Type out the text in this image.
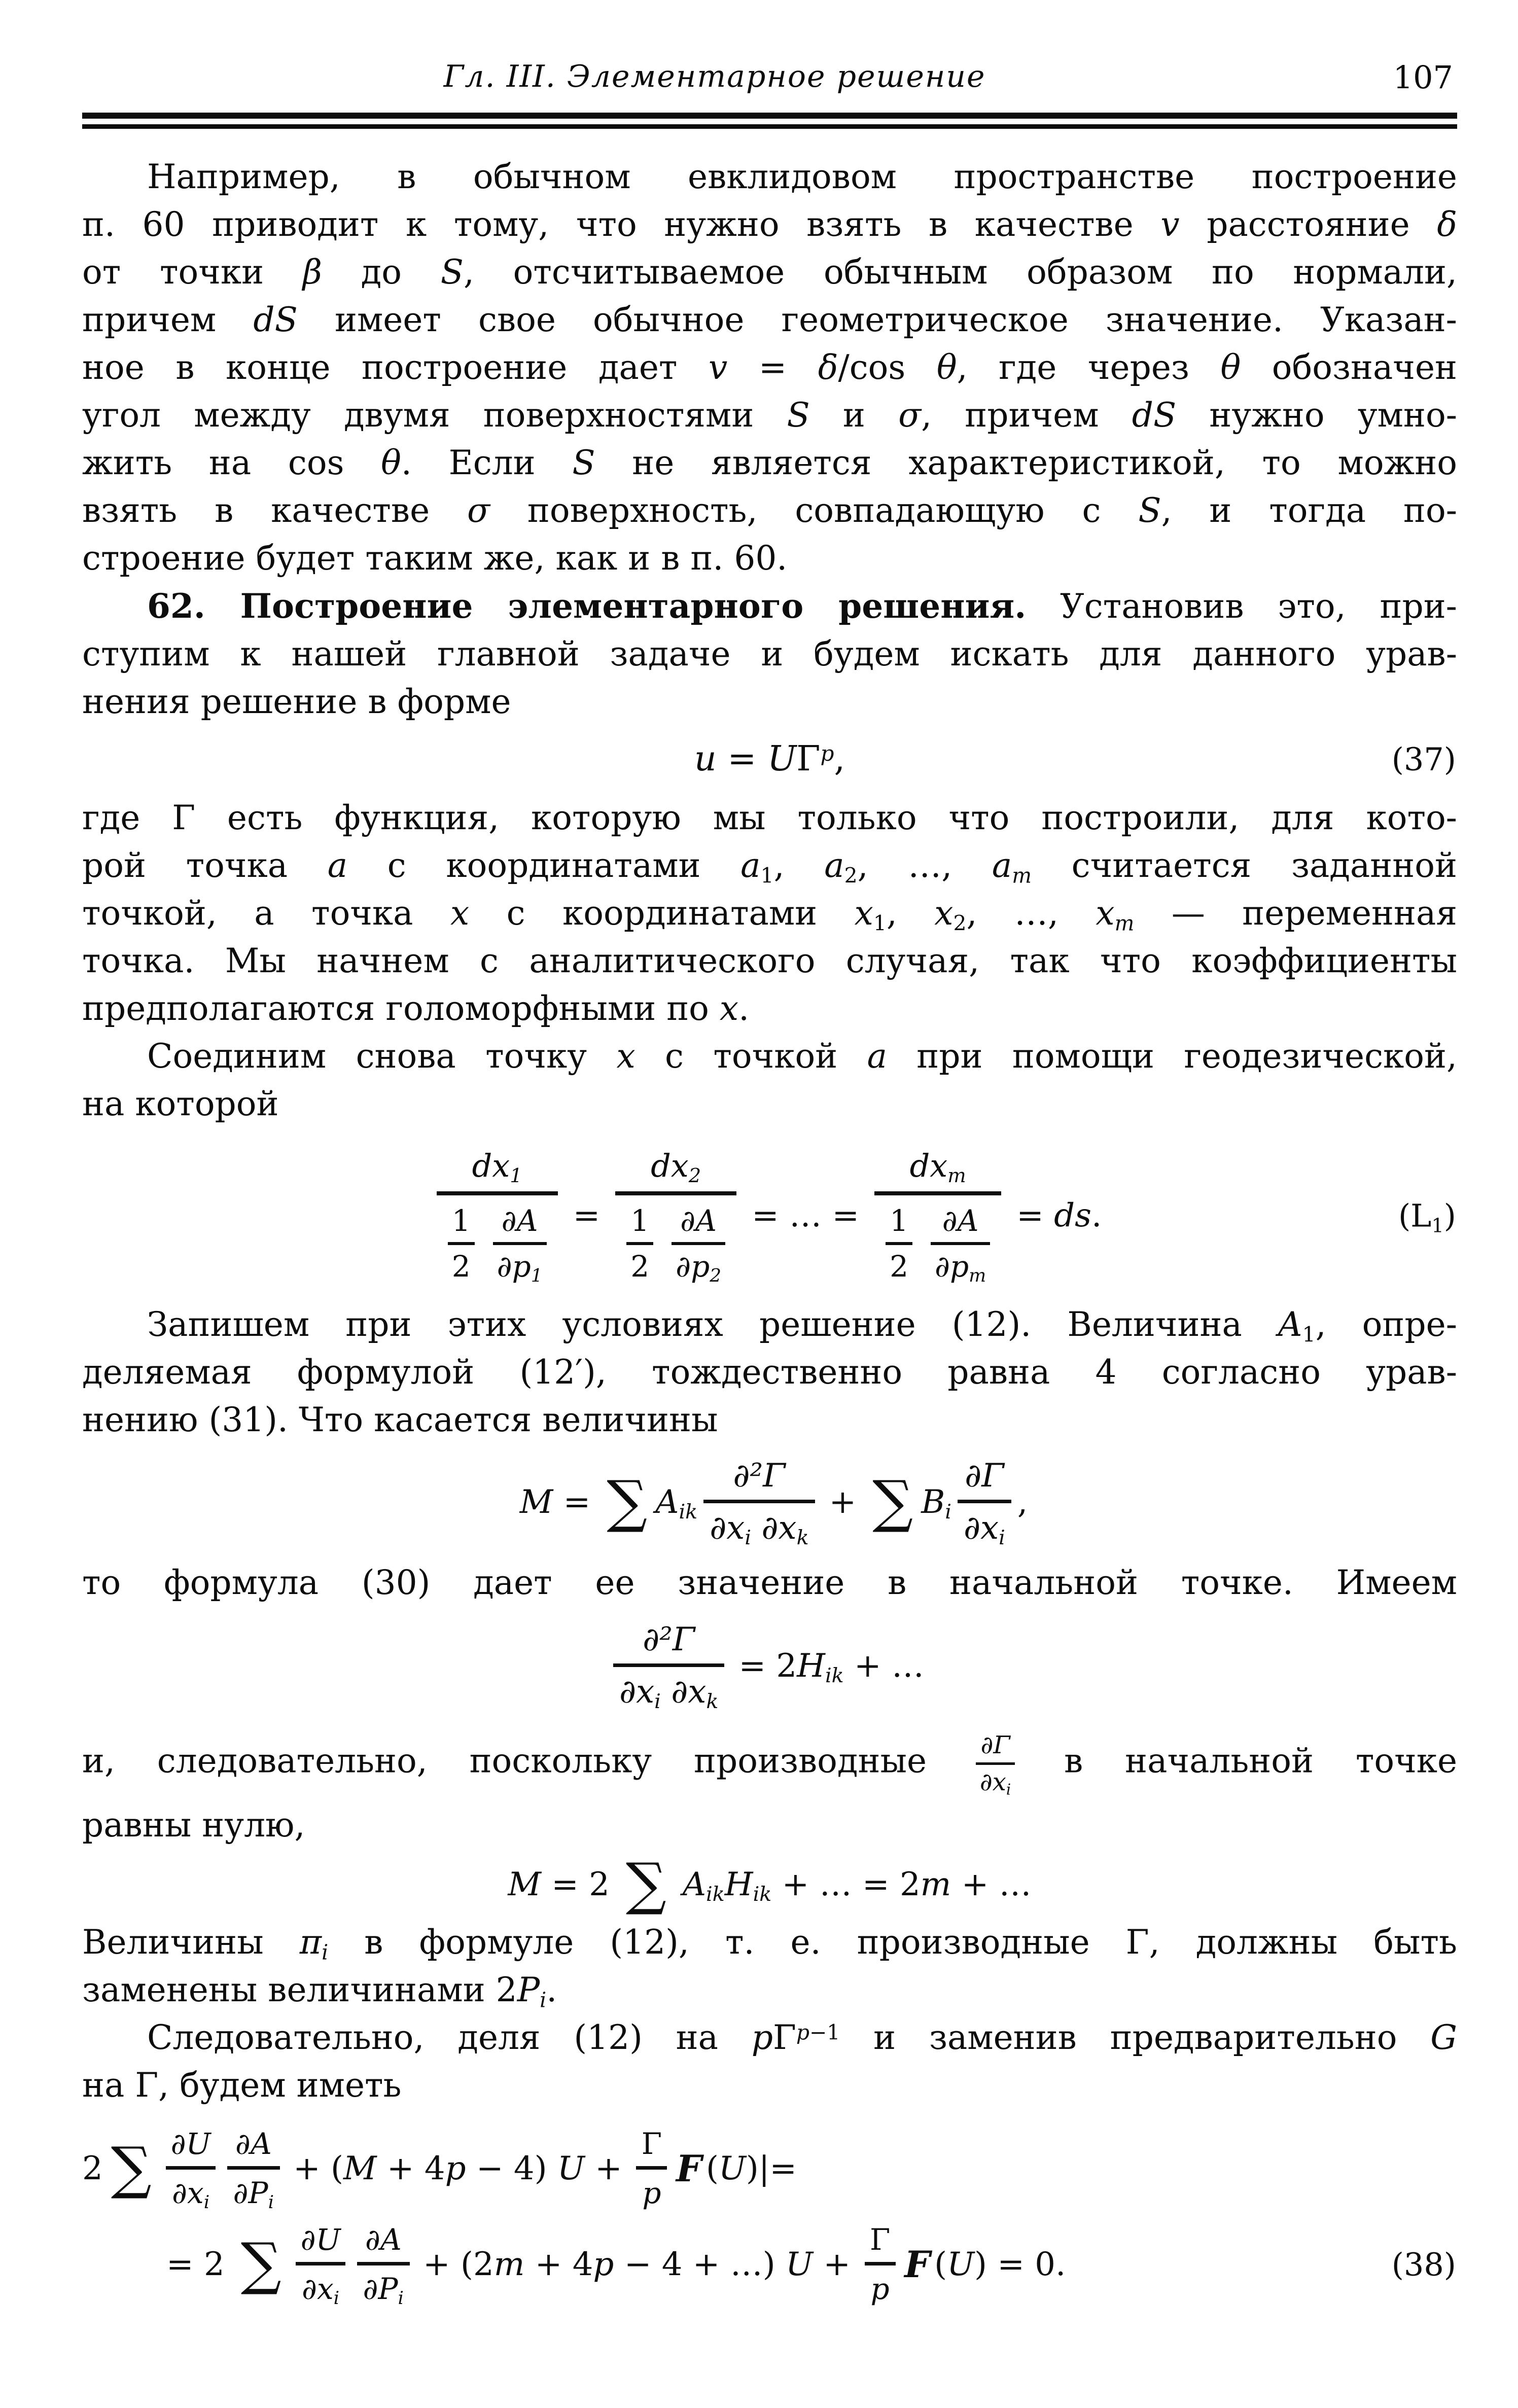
Гл. III. Элементарное решение	107
Например, в обычном евклидовом пространстве построение
п. 60 приводит к тому, что нужно взять в качестве v расстояние δ
от точки β до S, отсчитываемое обычным образом по нормали,
причем dS имеет свое обычное геометрическое значение. Указан-
ное в конце построение дает v = δ/cos θ, где через θ обозначен
угол между двумя поверхностями S и σ, причем dS нужно умно-
жить на cos θ. Если S не является характеристикой, то можно
взять в качестве σ поверхность, совпадающую с S, и тогда по-
строение будет таким же, как и в п. 60.
62. Построение элементарного решения. Установив это, при-
ступим к нашей главной задаче и будем искать для данного урав-
нения решение в форме
$u = U\Gamma^p$,	(37)
где Γ есть функция, которую мы только что построили, для кото-
рой точка a с координатами $a_1$, $a_2$, …, $a_m$ считается заданной
точкой, а точка x с координатами $x_1$, $x_2$, …, $x_m$ — переменная
точка. Мы начнем с аналитического случая, так что коэффициенты
предполагаются голоморфными по x.
Соединим снова точку x с точкой a при помощи геодезической,
на которой
$\frac{dx_1}{\frac{1}{2} \frac{\partial A}{\partial p_1}} = \frac{dx_2}{\frac{1}{2} \frac{\partial A}{\partial p_2}}$ = … =
$dx_m$
$\frac{1}{2} \frac{\partial A}{\partial p_m}$ = ds.	$(L_1)$
Запишем при этих условиях решение (12). Величина $A_1$, опре-
деляемая формулой (12′), тождественно равна 4 согласно урав-
нению (31). Что касается величины
M = ∑ $A_{ik} \frac{\text{∂²Γ}}{\partial x_i \partial x_k}$ + ∑ $B_i \frac{\partial\Gamma}{\partial x_i}$ ,
то формула (30) дает ее значение в начальной точке. Имеем
$\frac{\text{∂²Γ}}{\partial x_i \partial x_k} = 2H_{ik}$ + …
и, следовательно, поскольку производные $\frac{\partial\Gamma}{\partial x_i}$ в начальной точке
равны нулю,
M = 2 ∑ $A_{ik}H_{ik}$ + … = 2m + …
Величины $\pi_i$ в формуле (12), т. е. производные Γ, должны быть
заменены величинами $2P_i$.
Следовательно, деля (12) на $p\Gamma^{p-1}$ и заменив предварительно G
на Γ, будем иметь
2 ∑ $\frac{\partial U}{\partial x_i} \frac{\partial A}{\partial P_i} + (M + 4p - 4) U + \frac{\Gamma}{p}$ F (U)|=
= 2 ∑ $\frac{\partial U}{\partial x_i} \frac{\partial A}{\partial P_i} + (2m + 4p - 4$ + …) $U + \frac{\Gamma}{p}$ F (U) = 0.	(38)
